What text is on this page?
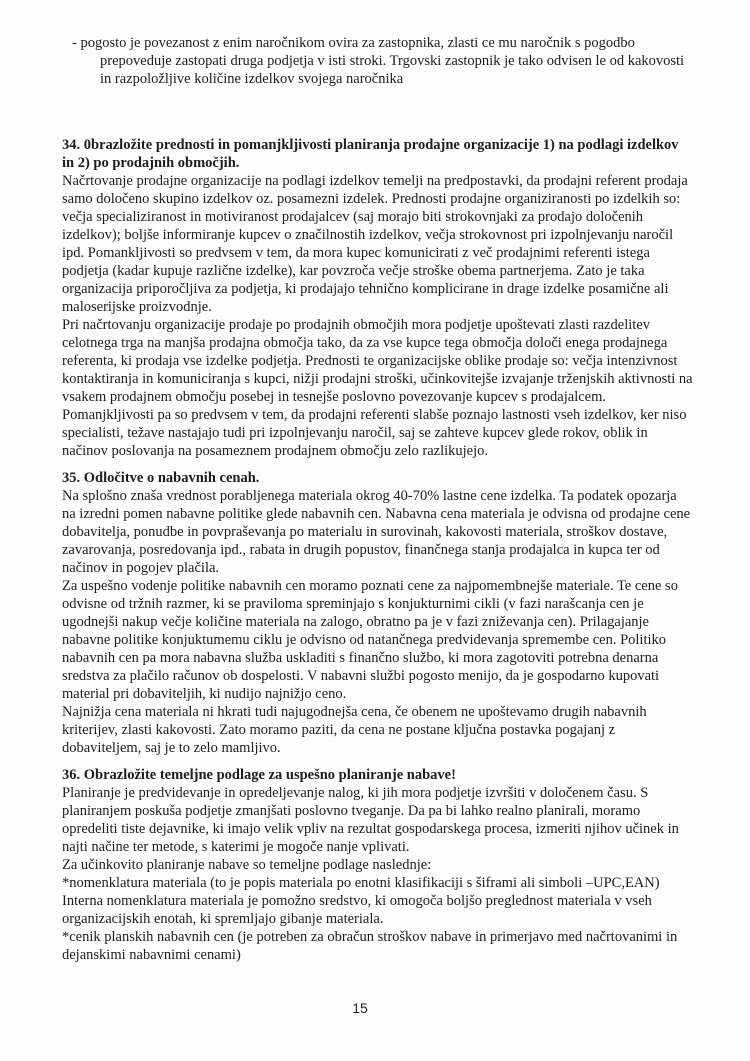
- pogosto je povezanost z enim naročnikom ovira za zastopnika, zlasti ce mu naročnik s pogodbo prepoveduje zastopati druga podjetja v isti stroki. Trgovski zastopnik je tako odvisen le od kakovosti in razpoložljive količine izdelkov svojega naročnika
34. 0brazložite prednosti in pomanjkljivosti planiranja prodajne organizacije 1) na podlagi izdelkov in 2) po prodajnih območjih.

Načrtovanje prodajne organizacije na podlagi izdelkov temelji na predpostavki, da prodajni referent prodaja samo določeno skupino izdelkov oz. posamezni izdelek. Prednosti prodajne organiziranosti po izdelkih so: večja specializiranost in motiviranost prodajalcev (saj morajo biti strokovnjaki za prodajo določenih izdelkov); boljše informiranje kupcev o značilnostih izdelkov, večja strokovnost pri izpolnjevanju naročil ipd. Pomankljivosti so predvsem v tem, da mora kupec komunicirati z več prodajnimi referenti istega podjetja (kadar kupuje različne izdelke), kar povzroča večje stroške obema partnerjema. Zato je taka organizacija priporočljiva za podjetja, ki prodajajo tehnično komplicirane in drage izdelke posamične ali maloserijske proizvodnje.

Pri načrtovanju organizacije prodaje po prodajnih območjih mora podjetje upoštevati zlasti razdelitev celotnega trga na manjša prodajna območja tako, da za vse kupce tega območja določi enega prodajnega referenta, ki prodaja vse izdelke podjetja. Prednosti te organizacijske oblike prodaje so: večja intenzivnost kontaktiranja in komuniciranja s kupci, nižji prodajni stroški, učinkovitejše izvajanje trženjskih aktivnosti na vsakem prodajnem območju posebej in tesnejše poslovno povezovanje kupcev s prodajalcem. Pomanjkljivosti pa so predvsem v tem, da prodajni referenti slabše poznajo lastnosti vseh izdelkov, ker niso specialisti, težave nastajajo tudi pri izpolnjevanju naročil, saj se zahteve kupcev glede rokov, oblik in načinov poslovanja na posameznem prodajnem območju zelo razlikujejo.

35. Odločitve o nabavnih cenah.

Na splošno znaša vrednost porabljenega materiala okrog 40-70% lastne cene izdelka. Ta podatek opozarja na izredni pomen nabavne politike glede nabavnih cen. Nabavna cena materiala je odvisna od prodajne cene dobavitelja, ponudbe in povpraševanja po materialu in surovinah, kakovosti materiala, stroškov dostave, zavarovanja, posredovanja ipd., rabata in drugih popustov, finančnega stanja prodajalca in kupca ter od načinov in pogojev plačila.

Za uspešno vodenje politike nabavnih cen moramo poznati cene za najpomembnejše materiale. Te cene so odvisne od tržnih razmer, ki se praviloma spreminjajo s konjukturnimi cikli (v fazi narašcanja cen je ugodnejši nakup večje količine materiala na zalogo, obratno pa je v fazi zniževanja cen). Prilagajanje nabavne politike konjuktumemu ciklu je odvisno od natančnega predvidevanja spremembe cen. Politiko nabavnih cen pa mora nabavna služba uskladiti s finančno službo, ki mora zagotoviti potrebna denarna sredstva za plačilo računov ob dospelosti. V nabavni službi pogosto menijo, da je gospodarno kupovati material pri dobaviteljih, ki nudijo najnižjo ceno.

Najnižja cena materiala ni hkrati tudi najugodnejša cena, če obenem ne upoštevamo drugih nabavnih kriterijev, zlasti kakovosti. Zato moramo paziti, da cena ne postane ključna postavka pogajanj z dobaviteljem, saj je to zelo mamljivo.

36. Obrazložite temeljne podlage za uspešno planiranje nabave!

Planiranje je predvidevanje in opredeljevanje nalog, ki jih mora podjetje izvršiti v določenem času. S planiranjem poskuša podjetje zmanjšati poslovno tveganje. Da pa bi lahko realno planirali, moramo opredeliti tiste dejavnike, ki imajo velik vpliv na rezultat gospodarskega procesa, izmeriti njihov učinek in najti načine ter metode, s katerimi je mogoče nanje vplivati.

Za učinkovito planiranje nabave so temeljne podlage naslednje:

*nomenklatura materiala (to je popis materiala po enotni klasifikaciji s šiframi ali simboli –UPC,EAN)

Interna nomenklatura materiala je pomožno sredstvo, ki omogoča boljšo preglednost materiala v vseh organizacijskih enotah, ki spremljajo gibanje materiala.

*cenik planskih nabavnih cen (je potreben za obračun stroškov nabave in primerjavo med načrtovanimi in dejanskimi nabavnimi cenami)

15
